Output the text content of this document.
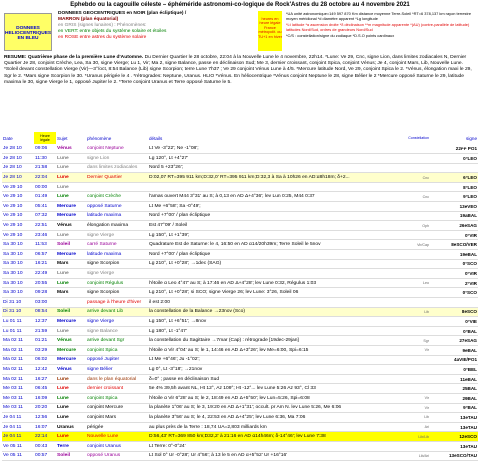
Ephebdo ou la cagouille céleste – éphéméride astronomi-co-logique de Rock'Astres du 28 octobre au 4 novembre 2021
DONNEES HELIOCENTRIQUES EN BLEU
DONNEES GEOCENTRIQUES en NOIR (plan écliptique) /
MARRON (plan équatorial)
en GRIS (signes lunaires) : Phénomènes:
en VERT: entre objets du système solaire et étoiles
en ROSE entre astres du système solaire
heures en heure légale France métropolit. ou TU+1 en hiver
*UA unité astronomique=149 597 870 Km distance moyenne Terre-Soleil *RT=6 378,137 km rayon terrestre moyen méridional *d diamètre apparent *Lg longitude
*Lt latitude *α ascension droite *δ déclinaison **m magnitude apparente *(AU) (contre-parallèle de latitude) latitudes Nord/Sud, ordres de grandeurs Nord/Sud
*C/S : constellation/signe du zodiaque *D.S.O points cardinaux
RESUME: Quatrième phase de la première Lune d'Automne. Du Dernier Quartier le 28 octobre, 22:04 à la Nouvelle Lune le 4 novembre, 22h14. *Lune: Ve 29, Cnc, signe Lion, dans limites zodiacales N, Dernier Quartier Je 28, conjoint Crèche, Lea, Sa 30, signe Vierge; Lu 1, Vir; Ma 2, signe Balance, passe en déclinaison Sud; Me 3, dernier croissant, conjoint Spica, conjoint Vénus; Je 4, conjoint Mars, Lib, Nouvelle Lune. *Soleil devant constellation Vierge (Vir)—3°/oct, 8:54 Balance (Lib) signe Scorpion; terre Lune 7h37 ; Ve 29 conjoint Vénus Lune à 4/5. *Mercure latitude Nord, Ve 29, conjoint Spica le 2. *Vénus, élongation maxi le 29, Sgr le 2. *Mars signe Scorpion le 30. *Uranus périgée le 4 . *rétrogrades: Neptune, Uranus. HLIO *Vénus. En héliocentrique *Vénus conjoint Neptune le 28, signe Bélier le 2 *Mercure opposé Saturne le 29, latitude maxima le 30, signe Vierge le 1, opposé Jupiter le 2. *Terre conjoint Uranus et Terre opposé Saturne le 5.
Date	Heure légale	Sujet	phénomène	détails	Constellation	signe
Je 28 10	09:06	Vénus	conjoint Neptune	Lt Ve -3°22'; Ne -1°08';		22ᴘᴘ PO1
Je 28 10	11:30	Lune	signe Lion	Lg 120°, Lt +4°27'		0°LEO
Je 28 10	21:58	Lune	dans limites zodiacales	Nord 5 +23°26';		
Je 28 10	22:04	Lune	Dernier Quartier	D:02,07 RT=395 911 km;D:32,0' RT=395 911 km;D:32,3 à Sa à 10h26 en AD:α8h18m; δ+2...	Cnc	6°LEO
Ve 29 10	00:00	Lune				8°LEO
Ve 29 10	01:49	Lune	conjoint Crèche	l'amas ouvert M44 3°31' au S; à 0,13 en AD Δ+4°36'; lev Lun 0:25, M44 0:37	Cnc	9°LEO
Ve 29 10	05:41	Mercure	opposé Saturne	Lt Me +6°58'; Sa -0°49';		13eVEO
Ve 29 10	07:32	Mercure	latitude maxima	Nord +7°00' / plan écliptique		19aBAL
Ve 29 10	22:51	Vénus	élongation maxima	Est 47°09' / Soleil	Oph	26eSAG
Ve 29 10	23:46	Lune	signe Vierge	Lg 150°, Lt +1°39';		0°VIR
Sa 30 10	11:53	Soleil	carré Saturne	Quadrature Est de Saturne: le 4, 16:50 en AD α14/20h39m; Terre Soleil le 5nov	Vir/Cap	8eSCO/VER
Sa 30 10	06:57	Mercure	latitude maxima	Nord +7°00' / plan écliptique		19eBAL
Sa 30 10	16:21	Mars	signe Scorpion	Lg 210°, Lt +0°28'; →1dec (SAG)		0°SCO
Sa 30 10	22:49	Lune	signe Vierge			0°VIR
Sa 30 10	20:55	Lune	conjoint Régulus	l'étoile α Leo 4°47' au S; à 17:46 en AD Δ+4°28'; lev Lune 0:32, Régulus 1:03	Leo	2°VIR
Sa 30 10	09:28	Mars	signe Scorpion	Lg 210°, Lt +0°28'; si SCO; signe Vierge 26; lev Lune: 3°26, Soleil 06		0°SCO
Di 31 10	03:00		passage à l'heure d'hiver	il est 2:00		
Di 31 10	08:54	Soleil	arrive devant Lib	la constellation de la Balance →23nov (Sco)	Lib	8eSCO
Lu 01 11	12:37	Mercure	signe Vierge	Lg 150°, Lt +6°51'; →8nov		0°VIE
Lu 01 11	21:59	Lune	signe Balance	Lg 180°, Lt -1°47'		0°BAL
Ma 02 11	01:21	Vénus	arrive devant Sgr	la constellation du Sagittaire →7mar (Cap) : rétrograde [19dec-29jan]	Sgr	27eSAG
Ma 02 11	03:29	Mercure	conjoint Spica	l'étoile α Vir 4°04' au S; le 1, 14:46 en AD Δ+3°26'; lev Me=6:00, Spi=6:15	Vir	9eBAL
Ma 02 11	06:02	Mercure	opposé Jupiter	Lt Me +6°46'; Ju -1°02';		4aVIE/PO1
Ma 02 11	12:42	Vénus	signe Bélier	Lg 0°, Lt -3°18'; →21nov		0°BEL
Ma 02 11	16:27	Lune	dans le plan équatorial	δ=0° ; passe en déclinaison Sud		11eBAL
Me 03 11	06:45	Lune	dernier croissant	5e 4% 39,5h avant NL, Ht 12°, Az 109°; Ht -12°... lev Lune 5:26 Az 93°, Cl 33		25BAL
Me 03 11	16:09	Lune	conjoint Spica	l'étoile α Vir 6°28' au S; le 2, 18:49 en AD Δ+5°50'; lev Lun=5:26, Spi=6:08	Vir	29BAL
Me 03 11	20:20	Lune	conjoint Mercure	la planète 1°06' au S; le 3, 19:20 en AD Δ+1°31'; occult. pr Am N. lev Lune 5:26, Me 6:06	Vir	9°BAL
Je 04 11	12:56	Lune	conjoint Mars	la planète 3°56' au S; le 4, 22:53 en AD Δ+4°25'; lev Lune 6:36, Ma 7:06	Lib	13eTAU
Je 04 11	16:07	Uranus	périgée	au plus près de la Terre : 18,74 UA=2,803 milliards km	Ari	13eTAU
Je 04 11	22:14	Lune	Nouvelle Lune	D:56,43' RT=369 850 km;D32,2' à 21:16 en AD α14h46m; δ-14°46'; lev Lune 7:38	Lib/Lib	12eSCO
Ve 05 11	00:43	Terre	conjoint Uranus	Lt Terre: 0°-0°24'		13eTAU
Ve 05 11	00:57	Soleil	opposé Uranus	Lt Sol 0° Ur -0°28'; Ur 4°56'; à 13 le 5 en AD α+5°52' Ur +16°16'	Lib/Ari	13eSCO/TAU
